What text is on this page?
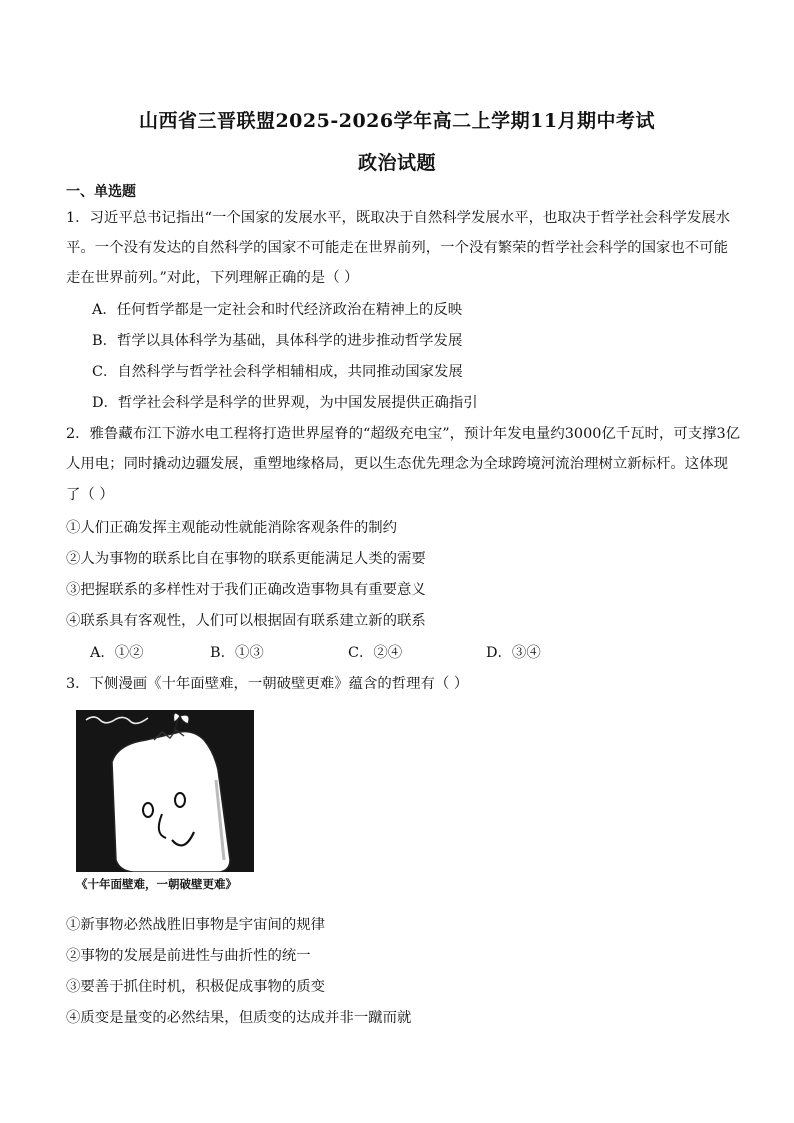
山西省三晋联盟2025-2026学年高二上学期11月期中考试
政治试题
一、单选题
1．习近平总书记指出“一个国家的发展水平，既取决于自然科学发展水平，也取决于哲学社会科学发展水
平。一个没有发达的自然科学的国家不可能走在世界前列，一个没有繁荣的哲学社会科学的国家也不可能
走在世界前列。”对此，下列理解正确的是（ ）
A．任何哲学都是一定社会和时代经济政治在精神上的反映
B．哲学以具体科学为基础，具体科学的进步推动哲学发展
C．自然科学与哲学社会科学相辅相成，共同推动国家发展
D．哲学社会科学是科学的世界观，为中国发展提供正确指引
2．雅鲁藏布江下游水电工程将打造世界屋脊的“超级充电宝”，预计年发电量约3000亿千瓦时，可支撑3亿
人用电；同时撬动边疆发展，重塑地缘格局，更以生态优先理念为全球跨境河流治理树立新标杆。这体现
了（ ）
①人们正确发挥主观能动性就能消除客观条件的制约
②人为事物的联系比自在事物的联系更能满足人类的需要
③把握联系的多样性对于我们正确改造事物具有重要意义
④联系具有客观性，人们可以根据固有联系建立新的联系
A．①②	B．①③	C．②④	D．③④
3．下侧漫画《十年面壁难，一朝破壁更难》蕴含的哲理有（ ）
《十年面壁难，一朝破壁更难》
①新事物必然战胜旧事物是宇宙间的规律
②事物的发展是前进性与曲折性的统一
③要善于抓住时机，积极促成事物的质变
④质变是量变的必然结果，但质变的达成并非一蹴而就
